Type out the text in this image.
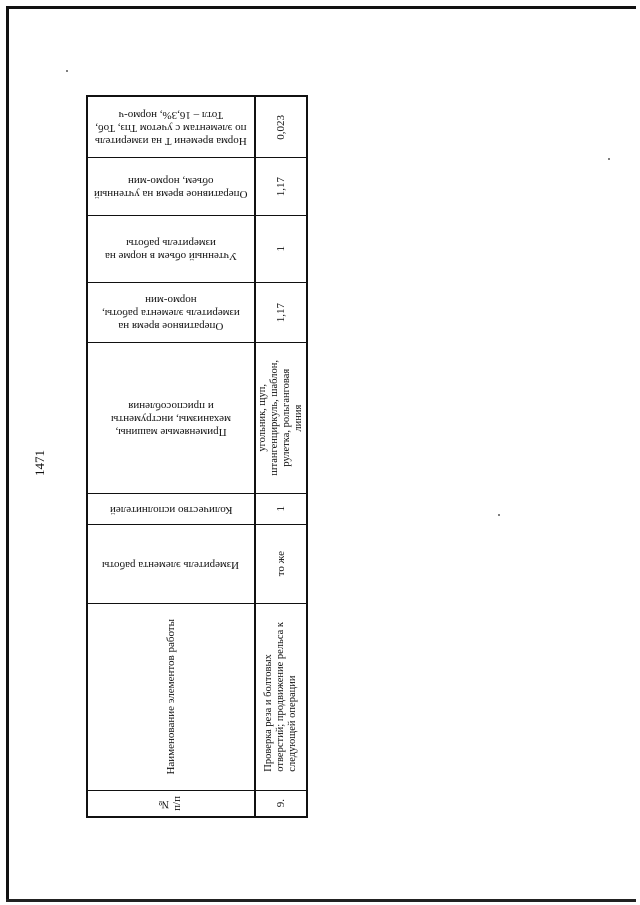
1471
Норма времени Т на измеритель
по элементам с учетом Тпз, Тоб,
Тотл – 16,3%, нормо-ч
Оперативное время на учтенный
объем, нормо-мин
Учтенный объем в норме на
измеритель работы
Оперативное время на
измеритель элемента работы,
нормо-мин
Применяемые машины,
механизмы, инструменты
и приспособления
Количество исполнителей
Измеритель элемента работы
Наименование элементов работы
№
п/п
0,023
1,17
1
1,17
угольник, щуп,
штангенциркуль, шаблон,
рулетка, рольганговая
линия
1
то же
Проверка реза и болтовых
отверстий; продвижение рельса к
следующей операции
9.
